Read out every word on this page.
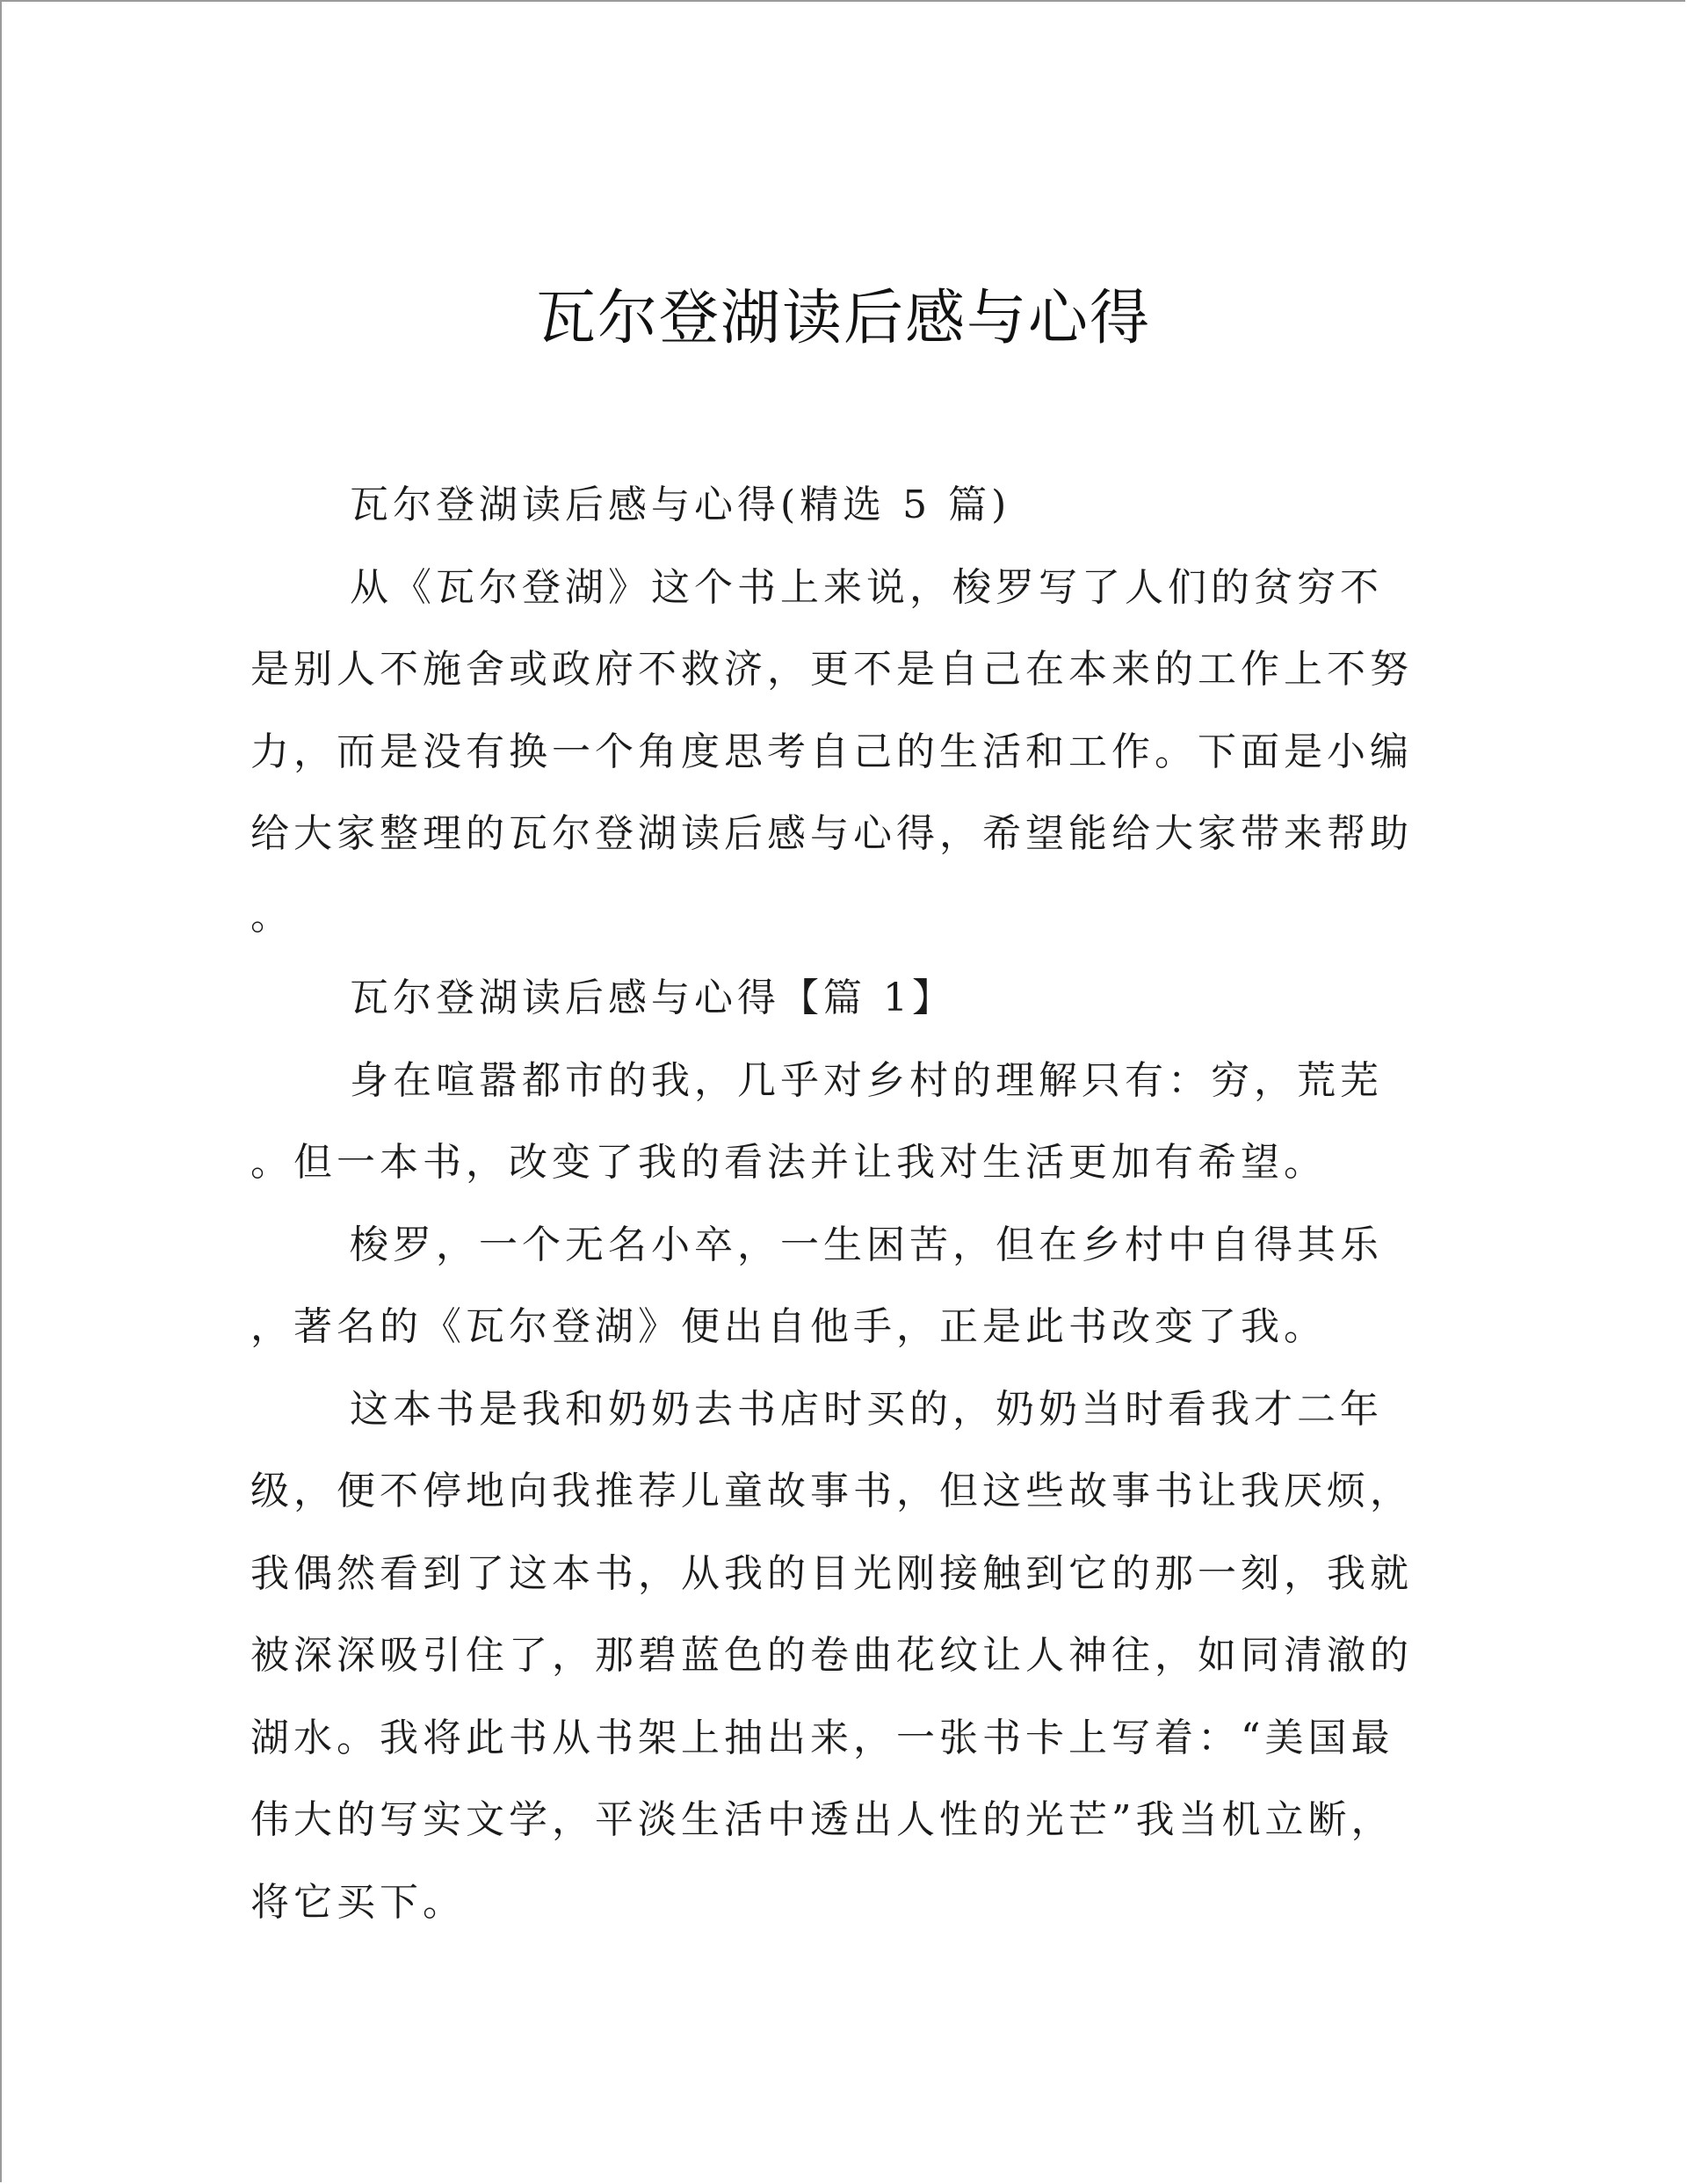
瓦尔登湖读后感与心得
瓦尔登湖读后感与心得(精选 5 篇)
从《瓦尔登湖》这个书上来说，梭罗写了人们的贫穷不
是别人不施舍或政府不救济，更不是自己在本来的工作上不努
力，而是没有换一个角度思考自己的生活和工作。下面是小编
给大家整理的瓦尔登湖读后感与心得，希望能给大家带来帮助
。
瓦尔登湖读后感与心得【篇 1】
身在喧嚣都市的我，几乎对乡村的理解只有：穷，荒芜
。但一本书，改变了我的看法并让我对生活更加有希望。
梭罗，一个无名小卒，一生困苦，但在乡村中自得其乐
，著名的《瓦尔登湖》便出自他手，正是此书改变了我。
这本书是我和奶奶去书店时买的，奶奶当时看我才二年
级，便不停地向我推荐儿童故事书，但这些故事书让我厌烦，
我偶然看到了这本书，从我的目光刚接触到它的那一刻，我就
被深深吸引住了，那碧蓝色的卷曲花纹让人神往，如同清澈的
湖水。我将此书从书架上抽出来，一张书卡上写着：“美国最
伟大的写实文学，平淡生活中透出人性的光芒”我当机立断，
将它买下。
